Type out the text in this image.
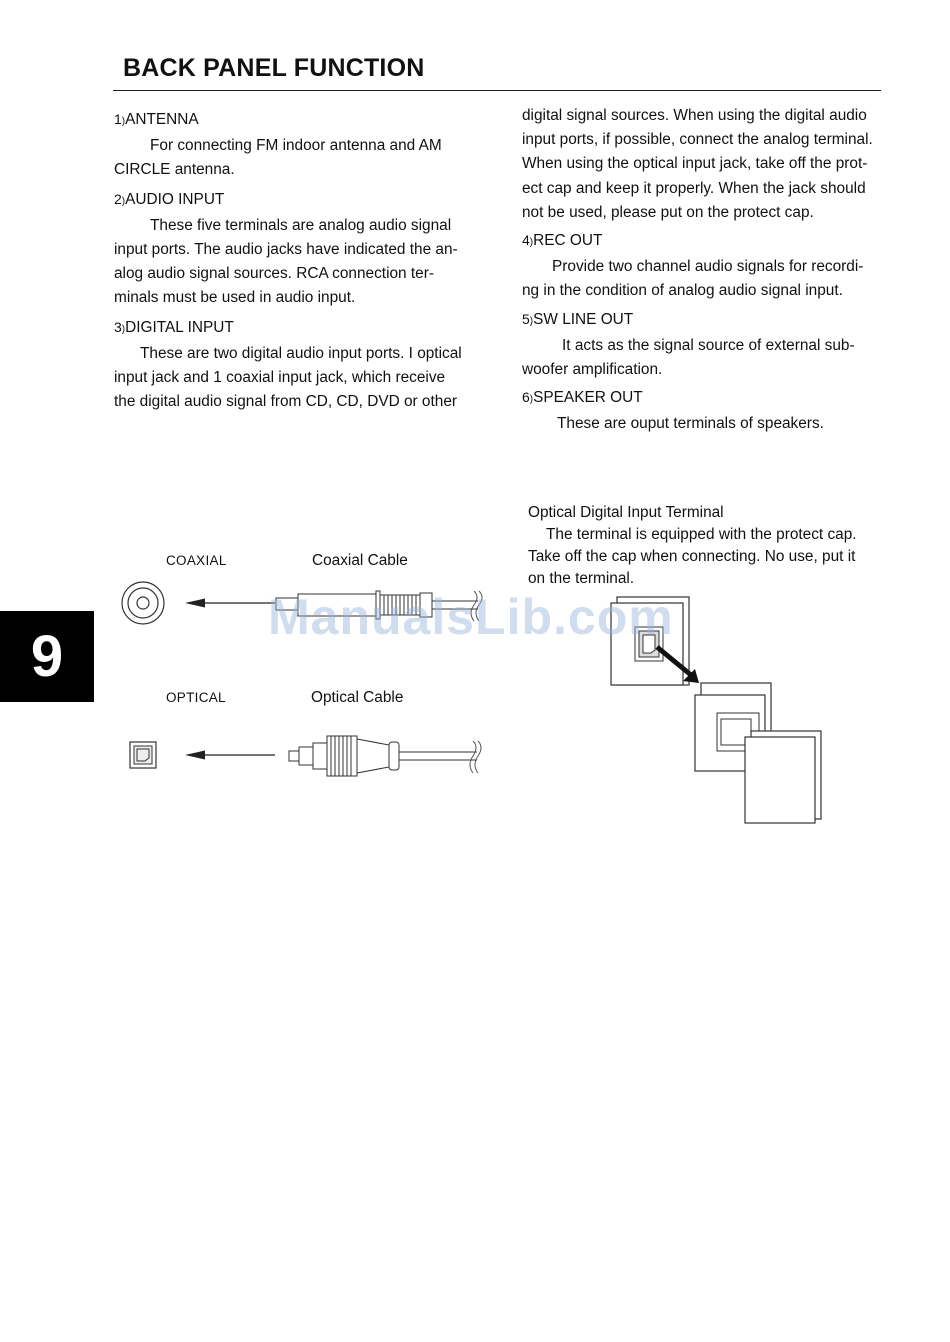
BACK PANEL FUNCTION

1)ANTENNA

For connecting FM indoor antenna and AM

CIRCLE antenna.

2)AUDIO INPUT

These five terminals are analog audio signal

input ports. The audio jacks have indicated the an-

alog audio signal sources. RCA connection ter-

minals must be used in audio input.

3)DIGITAL INPUT

These are two digital audio input ports. I optical

input jack and 1 coaxial input jack, which receive

the digital audio signal from CD, CD, DVD or other

digital signal sources. When using the digital audio

input ports, if possible, connect the analog terminal.

When using the optical input jack, take off the prot-

ect cap and keep it properly. When the jack should

not be used, please put on the protect cap.

4)REC OUT

Provide two channel audio signals for recordi-

ng in the condition of analog audio signal input.

5)SW LINE OUT

It acts as the signal source of external sub-

woofer amplification.

6)SPEAKER OUT

These are ouput terminals of speakers.

Optical Digital Input Terminal

The terminal is equipped with the protect cap.

Take off the cap when connecting. No use, put it

on the terminal.

COAXIAL	Coaxial Cable
OPTICAL	Optical Cable
9
ManualsLib.com
